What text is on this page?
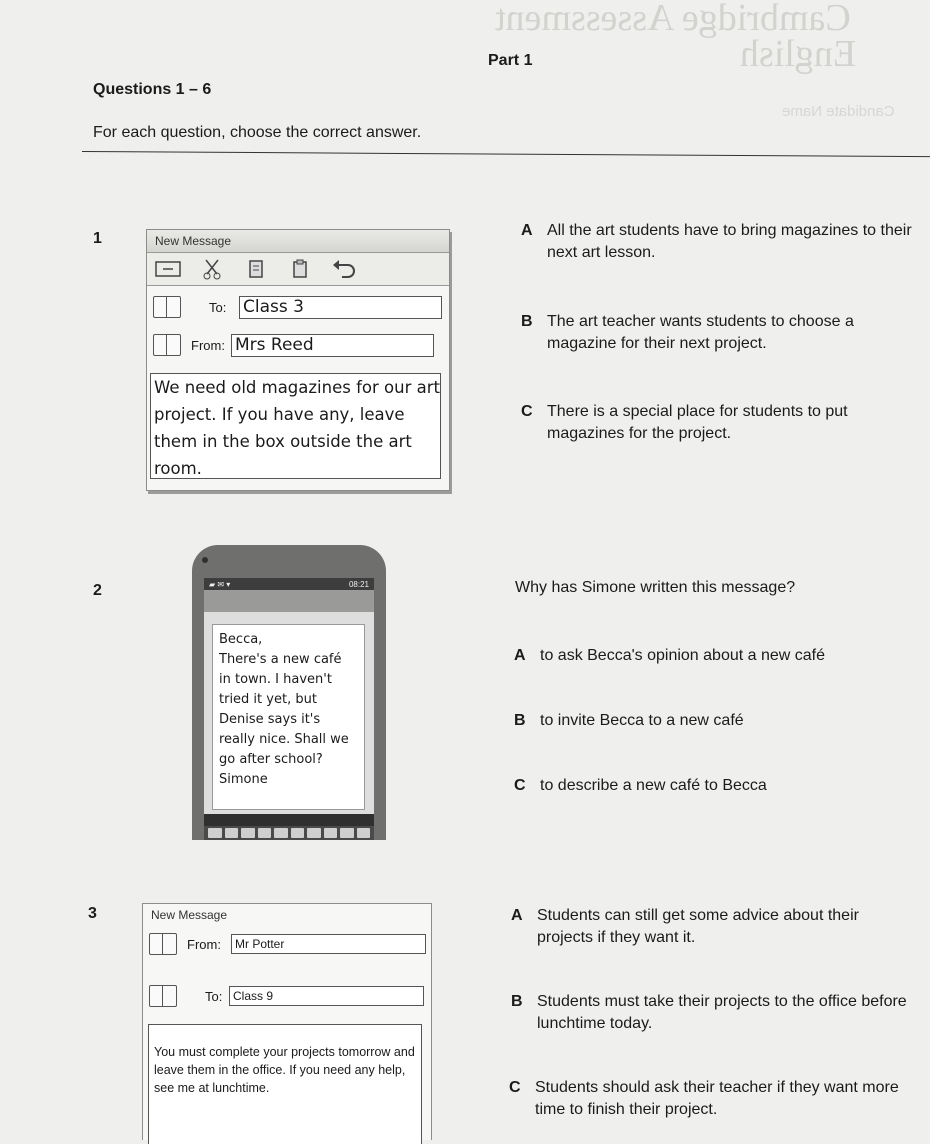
Cambridge Assessment
English
Candidate Name
Part 1
Questions 1 – 6
For each question, choose the correct answer.
1	New Message
To: Class 3
From: Mrs Reed
We need old magazines for our art project. If you have any, leave them in the box outside the art room.
A All the art students have to bring magazines to their next art lesson.
B The art teacher wants students to choose a magazine for their next project.
C There is a special place for students to put magazines for the project.
2	▰ ✉ ▾	08:21
Becca,
There's a new café
in town. I haven't
tried it yet, but
Denise says it's
really nice. Shall we
go after school?
Simone
Why has Simone written this message?
A to ask Becca's opinion about a new café
B to invite Becca to a new café
C to describe a new café to Becca
3	New Message
From:	Mr Potter
To: Class 9
You must complete your projects tomorrow and leave them in the office. If you need any help, see me at lunchtime.
A Students can still get some advice about their projects if they want it.
B Students must take their projects to the office before lunchtime today.
C Students should ask their teacher if they want more time to finish their project.
